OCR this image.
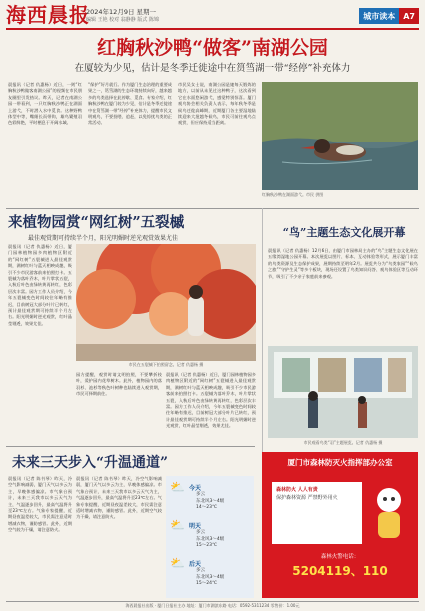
海西晨报
2024年12月9日 星期一
编辑 王艳 校对 翁静静 版式 陈锦	城市读本	A7
红胸秋沙鸭“做客”南湖公园
在厦较为少见，估计是冬季迁徙途中在筼筜湖一带“经停”补充体力
晨报讯（记者 仇惠杨）近日，一则“红胸秋沙鸭做客南湖公园”的视频在市民朋友圈里引发热议。昨天，记者在南湖公园一带看到，一只红胸秋沙鸭正在湖面上游弋，不时潜入水中觅食。这种野鸭体型中等，嘴细长而带钩，雄鸟繁殖羽色彩鲜艳，平时栖息于开阔水域。
“保护”好月就行。作为厦门生态治理的重要成果之一，筼筜湖的生态环境持续向好，越来越多的鸟类选择在此停歇、觅食。专家介绍，红胸秋沙鸭在厦门较为少见，估计是冬季迁徙途中在筼筜湖一带“经停”补充体力，提醒市民文明观鸟，不要投喂、追赶，以免惊扰鸟类的正常活动。
市民吴女士说，南湖公园是她每天锻炼的地方，以前从未见过这种鸭子，这次看到它在水面悠闲游弋，感觉特别惊喜。厦门观鸟协会相关负责人表示，每年秋冬季是候鸟迁徙高峰期，近期厦门各主要湿地陆续迎来大批越冬候鸟，市民可前往观鸟点观赏，但应保持适当距离。
红胸秋沙鸭在湖面游弋。市民 供图
来植物园赏“网红树”五裂槭
最佳观赏期可持续半个月，阳光明媚时逆光观赏效果尤佳
晨报讯（记者 仇惠杨）近日，厦门园林植物园多肉植物区附近的“网红树”五裂槭进入最佳观赏期，满树红叶与蓝天相映成趣，吸引不少市民游客前来拍照打卡。五裂槭为落叶乔木，叶片掌状五裂，入秋后叶色由绿转黄再转红，色彩层次丰富。园方工作人员介绍，今年五裂槭变色时间较往年略有推迟，目前树冠大部分叶片已转红，预计最佳观赏期可持续半个月左右。阳光明媚时逆光观赏，红叶晶莹剔透，效果尤佳。
市民在五裂槭下拍照留念。记者 仇惠杨 摄
园方提醒，观赏时请文明拍照，不要攀折枝叶，爱护园内花草树木。此外，植物园内的落羽杉、池杉等秋色叶树种也陆续进入观赏期，市民可择期前往。
晨报讯（记者 仇惠杨）近日，厦门园林植物园多肉植物区附近的“网红树”五裂槭进入最佳观赏期，满树红叶与蓝天相映成趣，吸引不少市民游客前来拍照打卡。五裂槭为落叶乔木，叶片掌状五裂，入秋后叶色由绿转黄再转红，色彩层次丰富。园方工作人员介绍，今年五裂槭变色时间较往年略有推迟，目前树冠大部分叶片已转红，预计最佳观赏期可持续半个月左右。阳光明媚时逆光观赏，红叶晶莹剔透，效果尤佳。
“鸟”主题生态文化展开幕
晨报讯（记者 仇惠杨）12月6日，由厦门市园林局主办的“鸟”主题生态文化展在五缘湾湿地公园开幕。本次展览以图片、标本、互动体验等形式，展示厦门丰富的鸟类资源及生态保护成果，展期持续至明年2月。展览共分为“鸟类家园”“候鸟之旅”“守护生灵”等多个板块，现场还设置了鸟类知识问答、观鸟体验区等互动环节，吸引了不少亲子家庭前来参观。
市民观看鸟类“羽”主题展览。记者 仇惠杨 摄
未来三天步入“升温通道”
晨报讯（记者 陈书琴）昨天，冷空气影响减弱，厦门天气以多云为主，早晚体感偏凉。市气象台预计，未来三天我市以多云天气为主，气温逐步回升，最高气温将升至23℃左右。气象专家提醒，近期昼夜温差较大，市民需注意适时增减衣物，谨防感冒。此外，近期空气较为干燥，请注意防火。
晨报讯（记者 陈书琴）昨天，冷空气影响减弱，厦门天气以多云为主，早晚体感偏凉。市气象台预计，未来三天我市以多云天气为主，气温逐步回升，最高气温将升至23℃左右。气象专家提醒，近期昼夜温差较大，市民需注意适时增减衣物，谨防感冒。此外，近期空气较为干燥，请注意防火。
⛅ 今天
多云
东北风3～4级
14～23℃
⛅ 明天
多云
东北风3～4级
15～23℃
⛅ 后天
多云
东北风3～4级
15～24℃
厦门市森林防灭火指挥部办公室
森林防火 人人有责
保护森林资源 严禁野外用火
森林火警电话：
5204119、110
海西晨报社出版 · 厦门日报社主办 地址：厦门市湖滨东路 电话：0592-5311234 零售价：1.00元
